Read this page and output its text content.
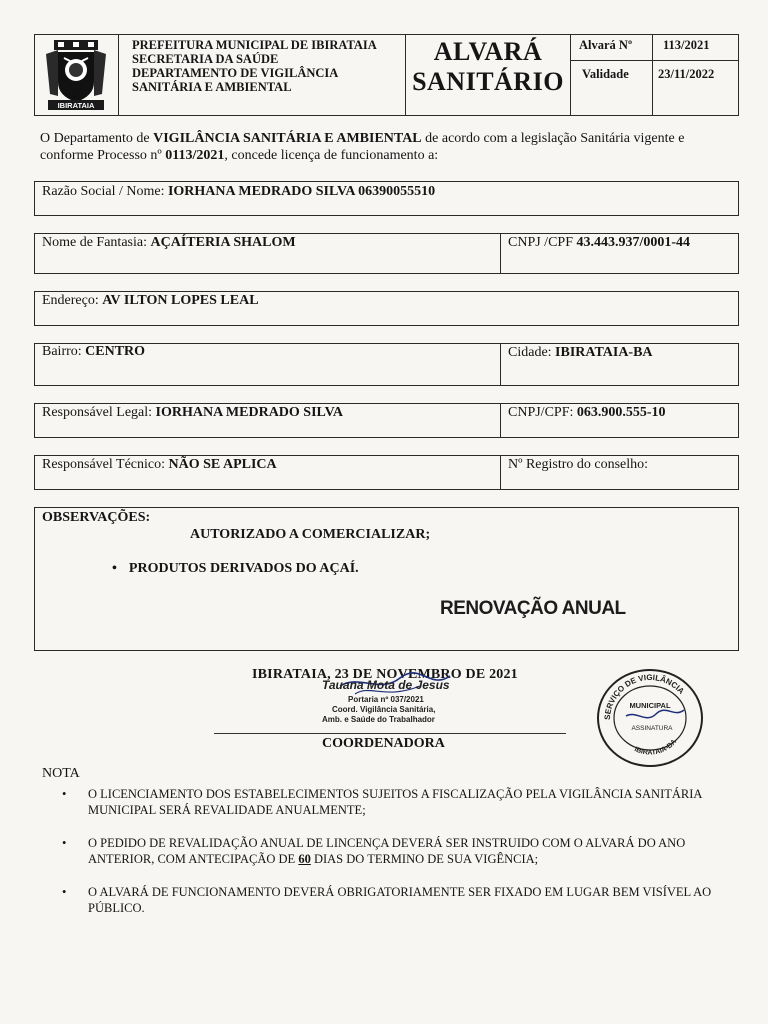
IBIRATAIA
PREFEITURA MUNICIPAL DE IBIRATAIA
SECRETARIA DA SAÚDE
DEPARTAMENTO DE VIGILÂNCIA
SANITÁRIA E AMBIENTAL
ALVARÁ
SANITÁRIO
Alvará Nº 113/2021
Validade 23/11/2022
O Departamento de VIGILÂNCIA SANITÁRIA E AMBIENTAL de acordo com a legislação Sanitária vigente e conforme Processo nº 0113/2021, concede licença de funcionamento a:
Razão Social / Nome: IORHANA MEDRADO SILVA 06390055510
Nome de Fantasia: AÇAÍTERIA SHALOM	CNPJ /CPF 43.443.937/0001-44
Endereço: AV ILTON LOPES LEAL
Bairro: CENTRO	Cidade: IBIRATAIA-BA
Responsável Legal: IORHANA MEDRADO SILVA	CNPJ/CPF: 063.900.555-10
Responsável Técnico: NÃO SE APLICA	Nº Registro do conselho:
OBSERVAÇÕES:
AUTORIZADO A COMERCIALIZAR;
• PRODUTOS DERIVADOS DO AÇAÍ.
RENOVAÇÃO ANUAL
IBIRATAIA, 23 DE NOVEMBRO DE 2021
Tauana Mota de Jesus
Portaria nº 037/2021
Coord. Vigilância Sanitária,
Amb. e Saúde do Trabalhador
COORDENADORA
SERVIÇO DE VIGILÂNCIA
IBIRATAIA-BA
MUNICIPAL
ASSINATURA
NOTA
• O LICENCIAMENTO DOS ESTABELECIMENTOS SUJEITOS A FISCALIZAÇÃO PELA VIGILÂNCIA SANITÁRIA MUNICIPAL SERÁ REVALIDADE ANUALMENTE;
• O PEDIDO DE REVALIDAÇÃO ANUAL DE LINCENÇA DEVERÁ SER INSTRUIDO COM O ALVARÁ DO ANO ANTERIOR, COM ANTECIPAÇÃO DE 60 DIAS DO TERMINO DE SUA VIGÊNCIA;
• O ALVARÁ DE FUNCIONAMENTO DEVERÁ OBRIGATORIAMENTE SER FIXADO EM LUGAR BEM VISÍVEL AO PÚBLICO.
